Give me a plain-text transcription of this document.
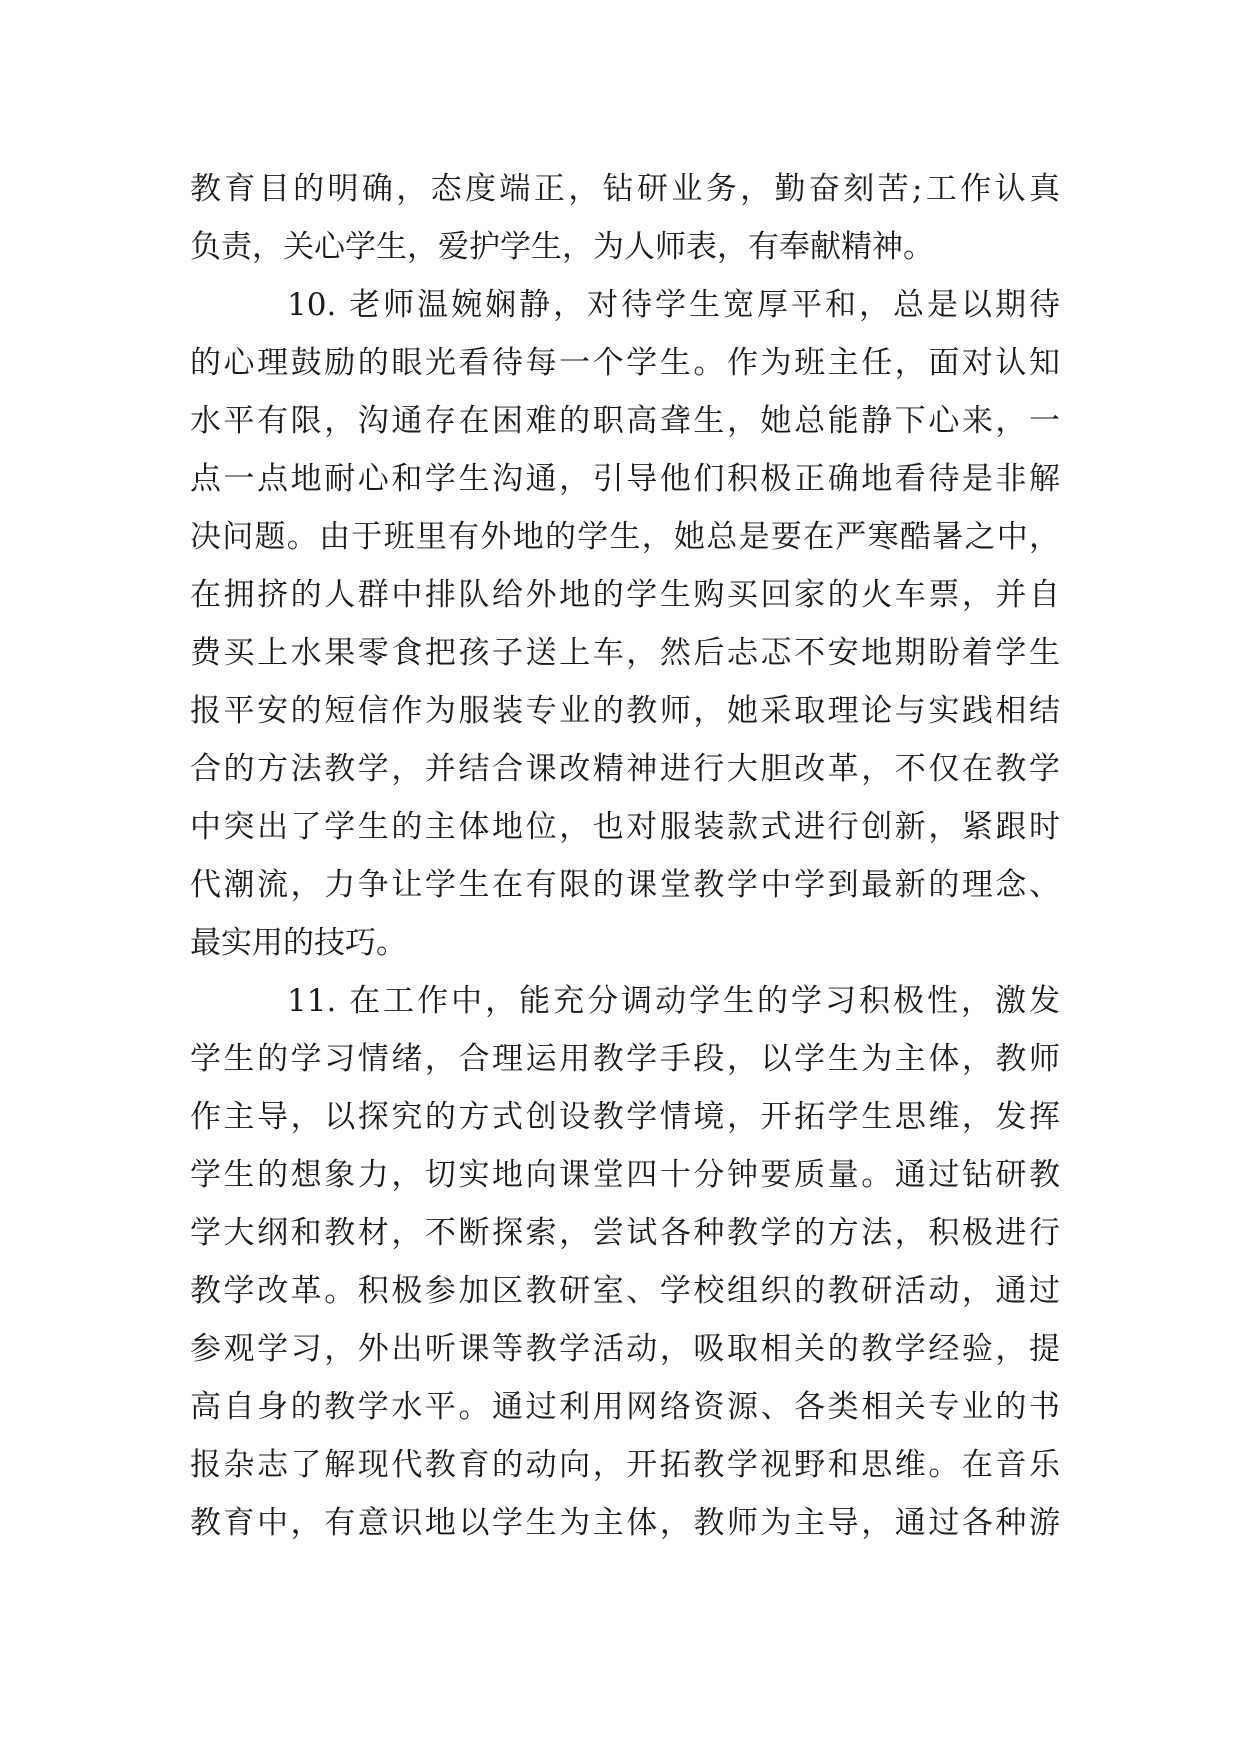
教育目的明确，态度端正，钻研业务，勤奋刻苦;工作认真
负责，关心学生，爱护学生，为人师表，有奉献精神。
10. 老师温婉娴静，对待学生宽厚平和，总是以期待
的心理鼓励的眼光看待每一个学生。作为班主任，面对认知
水平有限，沟通存在困难的职高聋生，她总能静下心来，一
点一点地耐心和学生沟通，引导他们积极正确地看待是非解
决问题。由于班里有外地的学生，她总是要在严寒酷暑之中，
在拥挤的人群中排队给外地的学生购买回家的火车票，并自
费买上水果零食把孩子送上车，然后忐忑不安地期盼着学生
报平安的短信作为服装专业的教师，她采取理论与实践相结
合的方法教学，并结合课改精神进行大胆改革，不仅在教学
中突出了学生的主体地位，也对服装款式进行创新，紧跟时
代潮流，力争让学生在有限的课堂教学中学到最新的理念、
最实用的技巧。
11. 在工作中，能充分调动学生的学习积极性，激发
学生的学习情绪，合理运用教学手段，以学生为主体，教师
作主导，以探究的方式创设教学情境，开拓学生思维，发挥
学生的想象力，切实地向课堂四十分钟要质量。通过钻研教
学大纲和教材，不断探索，尝试各种教学的方法，积极进行
教学改革。积极参加区教研室、学校组织的教研活动，通过
参观学习，外出听课等教学活动，吸取相关的教学经验，提
高自身的教学水平。通过利用网络资源、各类相关专业的书
报杂志了解现代教育的动向，开拓教学视野和思维。在音乐
教育中，有意识地以学生为主体，教师为主导，通过各种游
